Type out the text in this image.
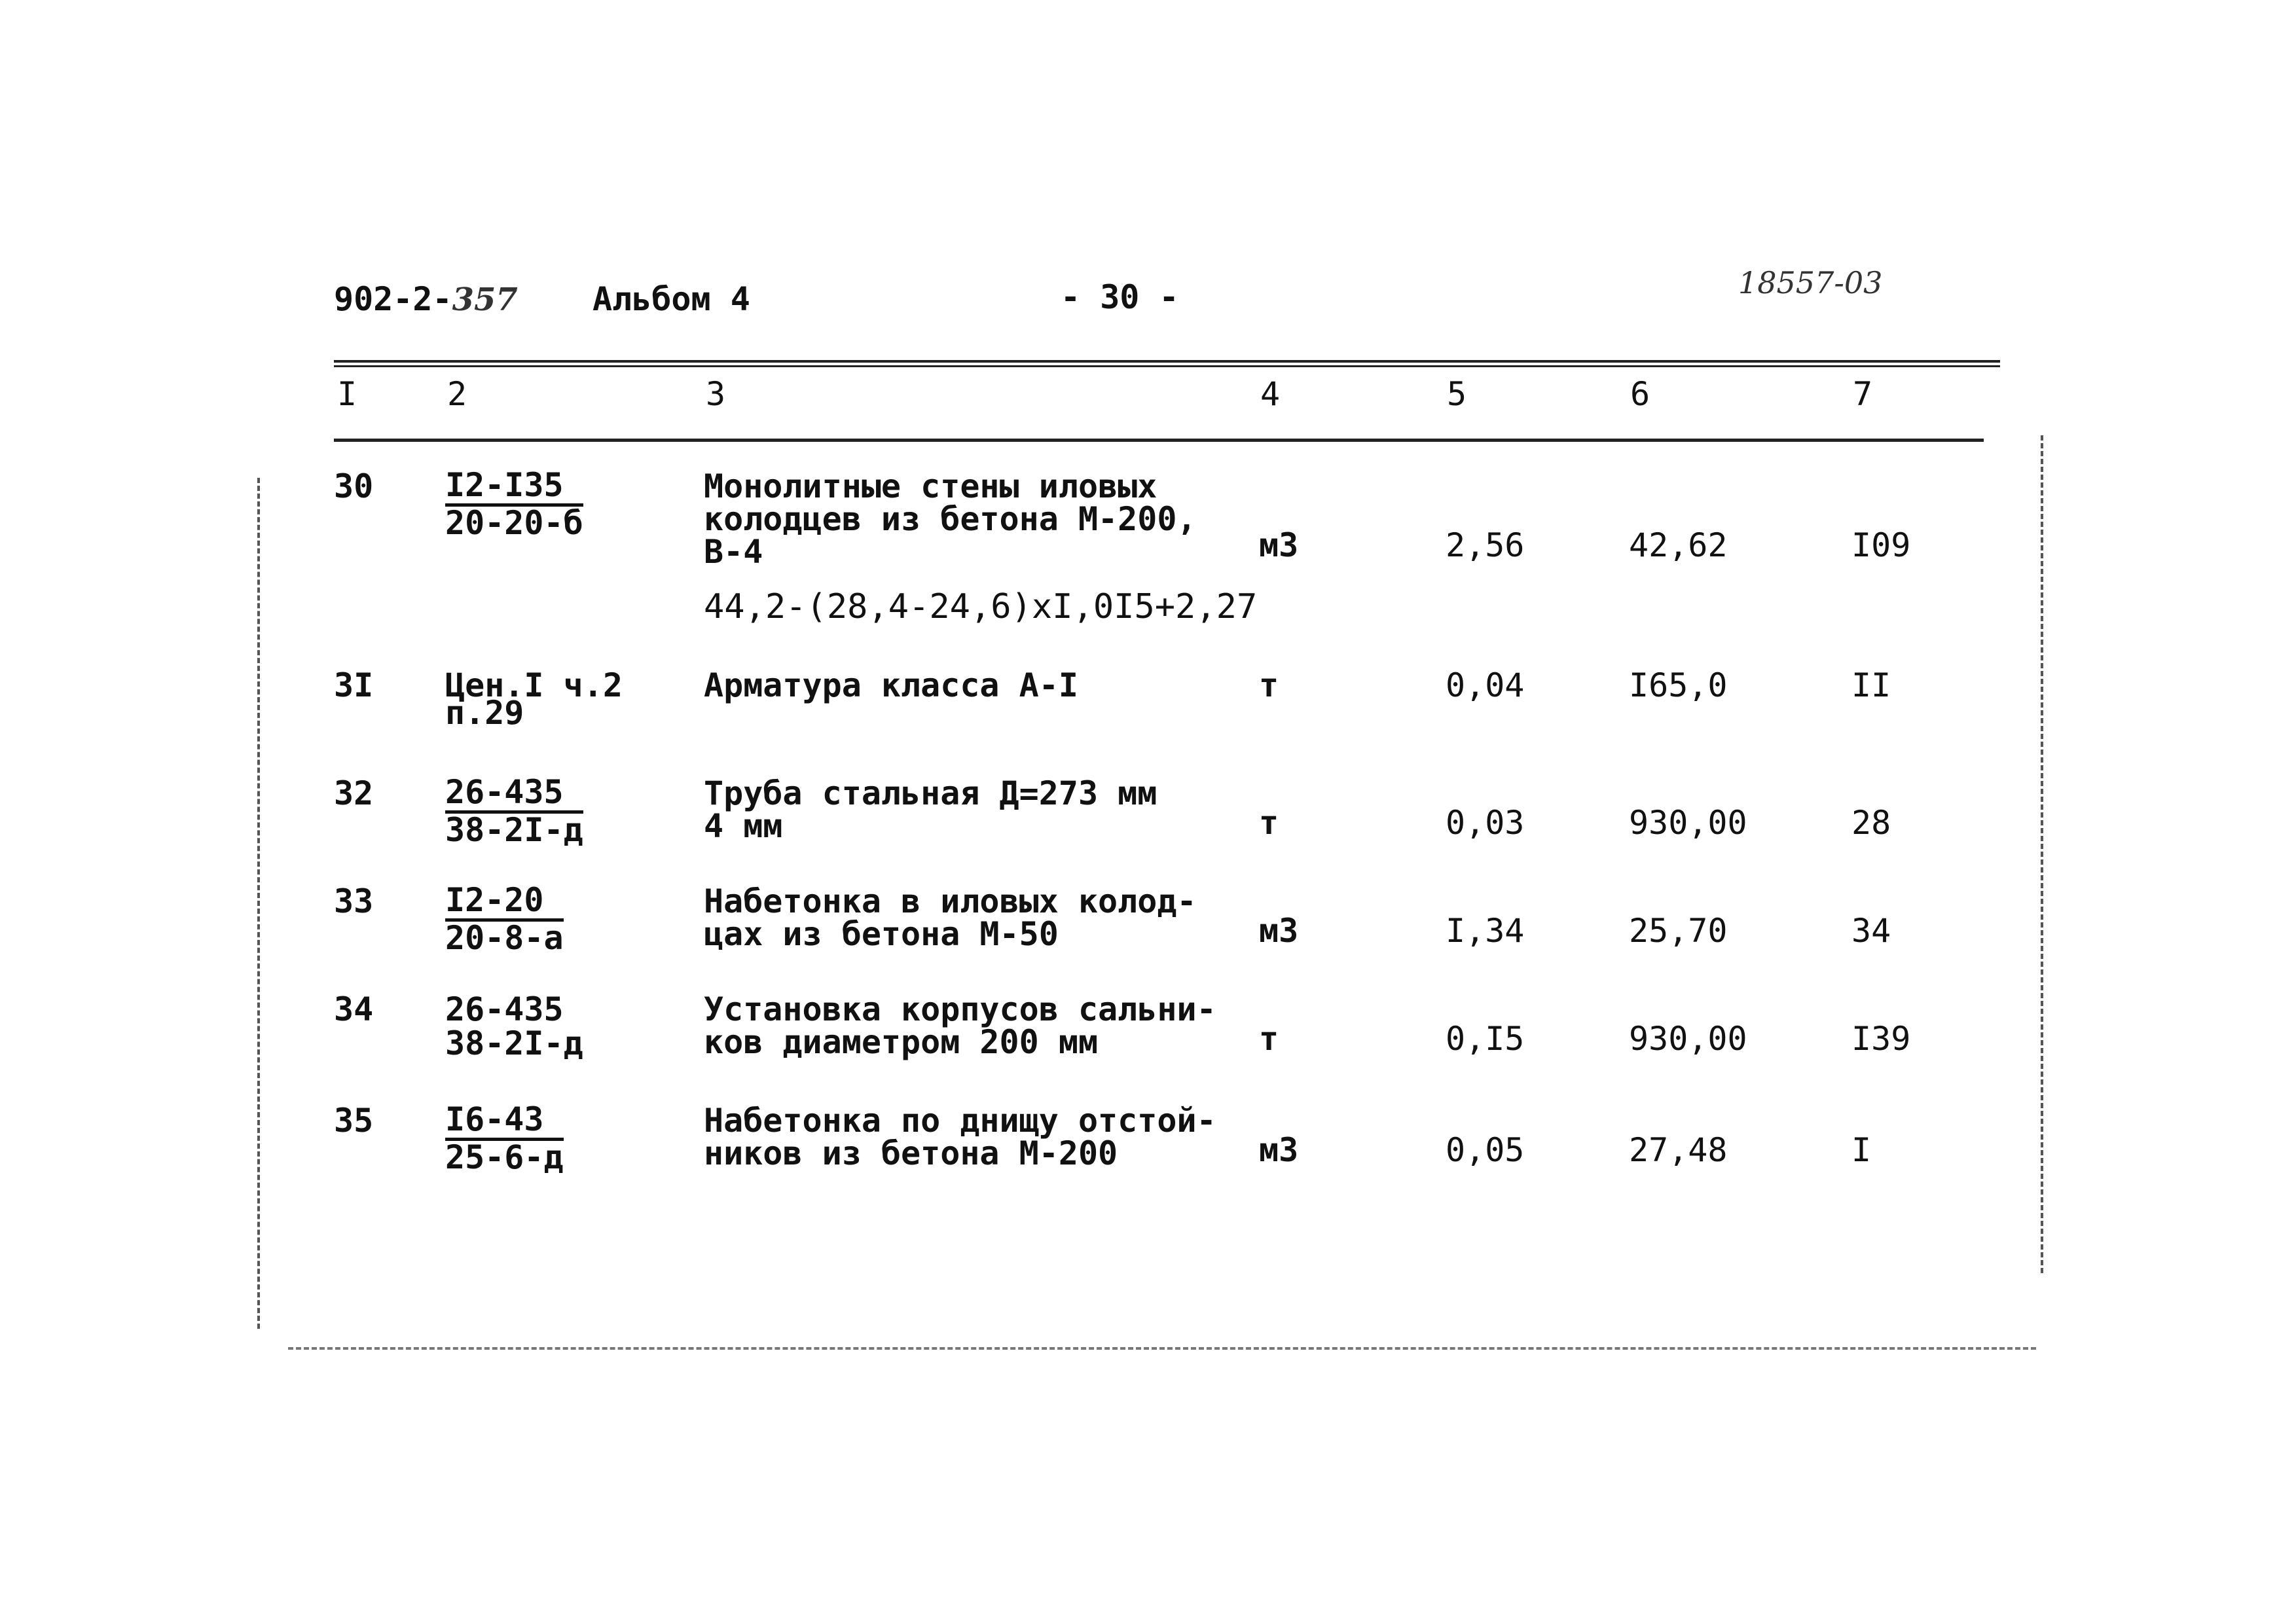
902-2-357 Альбом 4	- 30 -	18557-03
I	2	3	4	5	6	7
30 I2-I35
20-20-б
Монолитные стены иловых
колодцев из бетона М-200,
В-4
44,2-(28,4-24,6)xI,0I5+2,27
м3	2,56	42,62	I09
3I Цен.I ч.2
п.29
Арматура класса А-I	т	0,04	I65,0	II
32 26-435
38-2I-д
Труба стальная Д=273 мм
4 мм	т	0,03	930,00	28
33 I2-20
20-8-а
Набетонка в иловых колод-
цах из бетона М-50	м3	I,34	25,70	34
34 26-435
38-2I-д
Установка корпусов сальни-
ков диаметром 200 мм	т	0,I5	930,00	I39
35 I6-43
25-6-д
Набетонка по днищу отстой-
ников из бетона М-200	м3	0,05	27,48	I
